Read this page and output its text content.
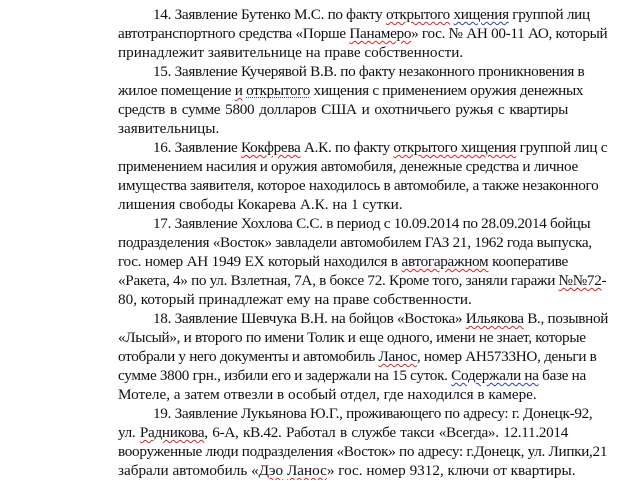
14. Заявление Бутенко М.С. по факту открытого хищения группой лиц
автотранспортного средства «Порше Панамеро» гос. № АН 00-11 АО, который
принадлежит заявительнице на праве собственности.
15. Заявление Кучерявой В.В. по факту незаконного проникновения в
жилое помещение и открытого хищения с применением оружия денежных
средств в сумме 5800 долларов США и охотничьего ружья с квартиры
заявительницы.
16. Заявление Кокфрева А.К. по факту открытого хищения группой лиц с
применением насилия и оружия автомобиля, денежные средства и личное
имущества заявителя, которое находилось в автомобиле, а также незаконного
лишения свободы Кокарева А.К. на 1 сутки.
17. Заявление Хохлова С.С. в период с 10.09.2014 по 28.09.2014 бойцы
подразделения «Восток» завладели автомобилем ГАЗ 21, 1962 года выпуска,
гос. номер АН 1949 ЕХ который находился в автогаражном кооперативе
«Ракета, 4» по ул. Взлетная, 7А, в боксе 72. Кроме того, заняли гаражи №№72-
80, который принадлежат ему на праве собственности.
18. Заявление Шевчука В.Н. на бойцов «Востока» Ильякова В., позывной
«Лысый», и второго по имени Толик и еще одного, имени не знает, которые
отобрали у него документы и автомобиль Ланос, номер АН5733НО, деньги в
сумме 3800 грн., избили его и задержали на 15 суток. Содержали на базе на
Мотеле, а затем отвезли в особый отдел, где находился в камере.
19. Заявление Лукьянова Ю.Г., проживающего по адресу: г. Донецк-92,
ул. Радникова, 6-А, кВ.42. Работал в службе такси «Всегда». 12.11.2014
вооруженные люди подразделения «Восток» по адресу: г.Донецк, ул. Липки,21
забрали автомобиль «Дэо Ланос» гос. номер 9312, ключи от квартиры.
